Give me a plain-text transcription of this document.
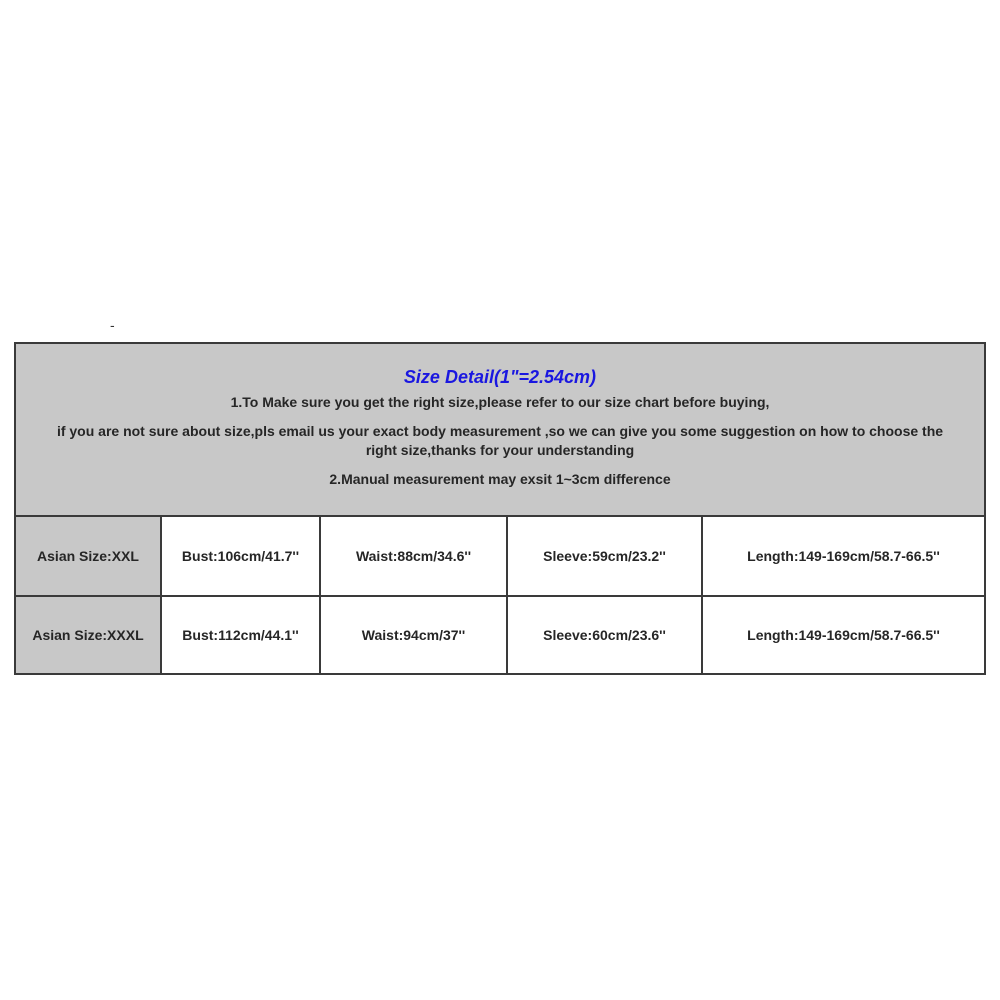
-
Size Detail(1"=2.54cm)
1.To Make sure you get the right size,please refer to our size chart before buying,
if you are not sure about size,pls email us your exact body measurement ,so we can give you some suggestion on how to choose the right size,thanks for your understanding
2.Manual measurement may exsit 1~3cm difference
Asian Size:XXL	Bust:106cm/41.7''	Waist:88cm/34.6''	Sleeve:59cm/23.2''	Length:149-169cm/58.7-66.5''
Asian Size:XXXL	Bust:112cm/44.1''	Waist:94cm/37''	Sleeve:60cm/23.6''	Length:149-169cm/58.7-66.5''
